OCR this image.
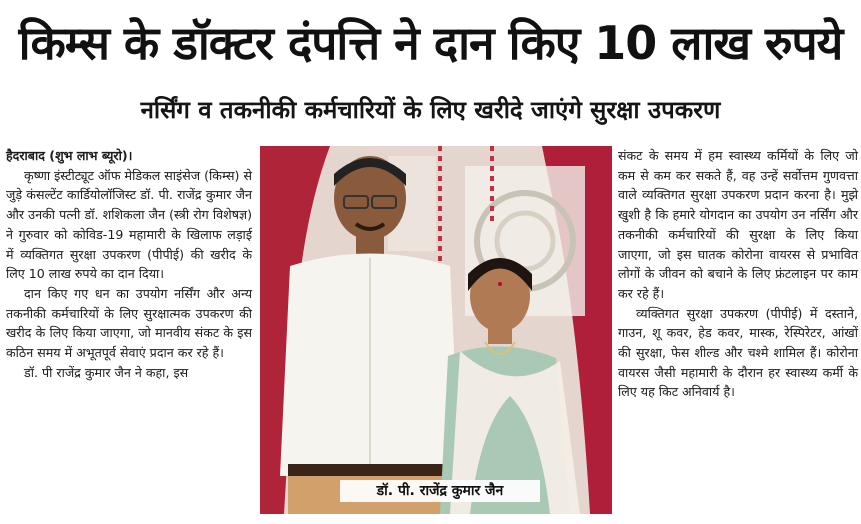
किम्स के डॉक्टर दंपत्ति ने दान किए 10 लाख रुपये
नर्सिंग व तकनीकी कर्मचारियों के लिए खरीदे जाएंगे सुरक्षा उपकरण

हैदराबाद (शुभ लाभ ब्यूरो)।

कृष्णा इंस्टीट्यूट ऑफ मेडिकल साइंसेज (किम्स) से जुड़े कंसल्टेंट कार्डियोलॉजिस्ट डॉ. पी. राजेंद्र कुमार जैन और उनकी पत्नी डॉ. शशिकला जैन (स्त्री रोग विशेषज्ञ) ने गुरुवार को कोविड-19 महामारी के खिलाफ लड़ाई में व्यक्तिगत सुरक्षा उपकरण (पीपीई) की खरीद के लिए 10 लाख रुपये का दान दिया।

दान किए गए धन का उपयोग नर्सिंग और अन्य तकनीकी कर्मचारियों के लिए सुरक्षात्मक उपकरण की खरीद के लिए किया जाएगा, जो मानवीय संकट के इस कठिन समय में अभूतपूर्व सेवाएं प्रदान कर रहे हैं।

डॉ. पी राजेंद्र कुमार जैन ने कहा, इस

डॉ. पी. राजेंद्र कुमार जैन

संकट के समय में हम स्वास्थ्य कर्मियों के लिए जो कम से कम कर सकते हैं, वह उन्हें सर्वोत्तम गुणवत्ता वाले व्यक्तिगत सुरक्षा उपकरण प्रदान करना है। मुझे खुशी है कि हमारे योगदान का उपयोग उन नर्सिंग और तकनीकी कर्मचारियों की सुरक्षा के लिए किया जाएगा, जो इस घातक कोरोना वायरस से प्रभावित लोगों के जीवन को बचाने के लिए फ्रंटलाइन पर काम कर रहे हैं।

व्यक्तिगत सुरक्षा उपकरण (पीपीई) में दस्ताने, गाउन, शू कवर, हेड कवर, मास्क, रेस्पिरेटर, आंखों की सुरक्षा, फेस शील्ड और चश्मे शामिल हैं। कोरोना वायरस जैसी महामारी के दौरान हर स्वास्थ्य कर्मी के लिए यह किट अनिवार्य है।
